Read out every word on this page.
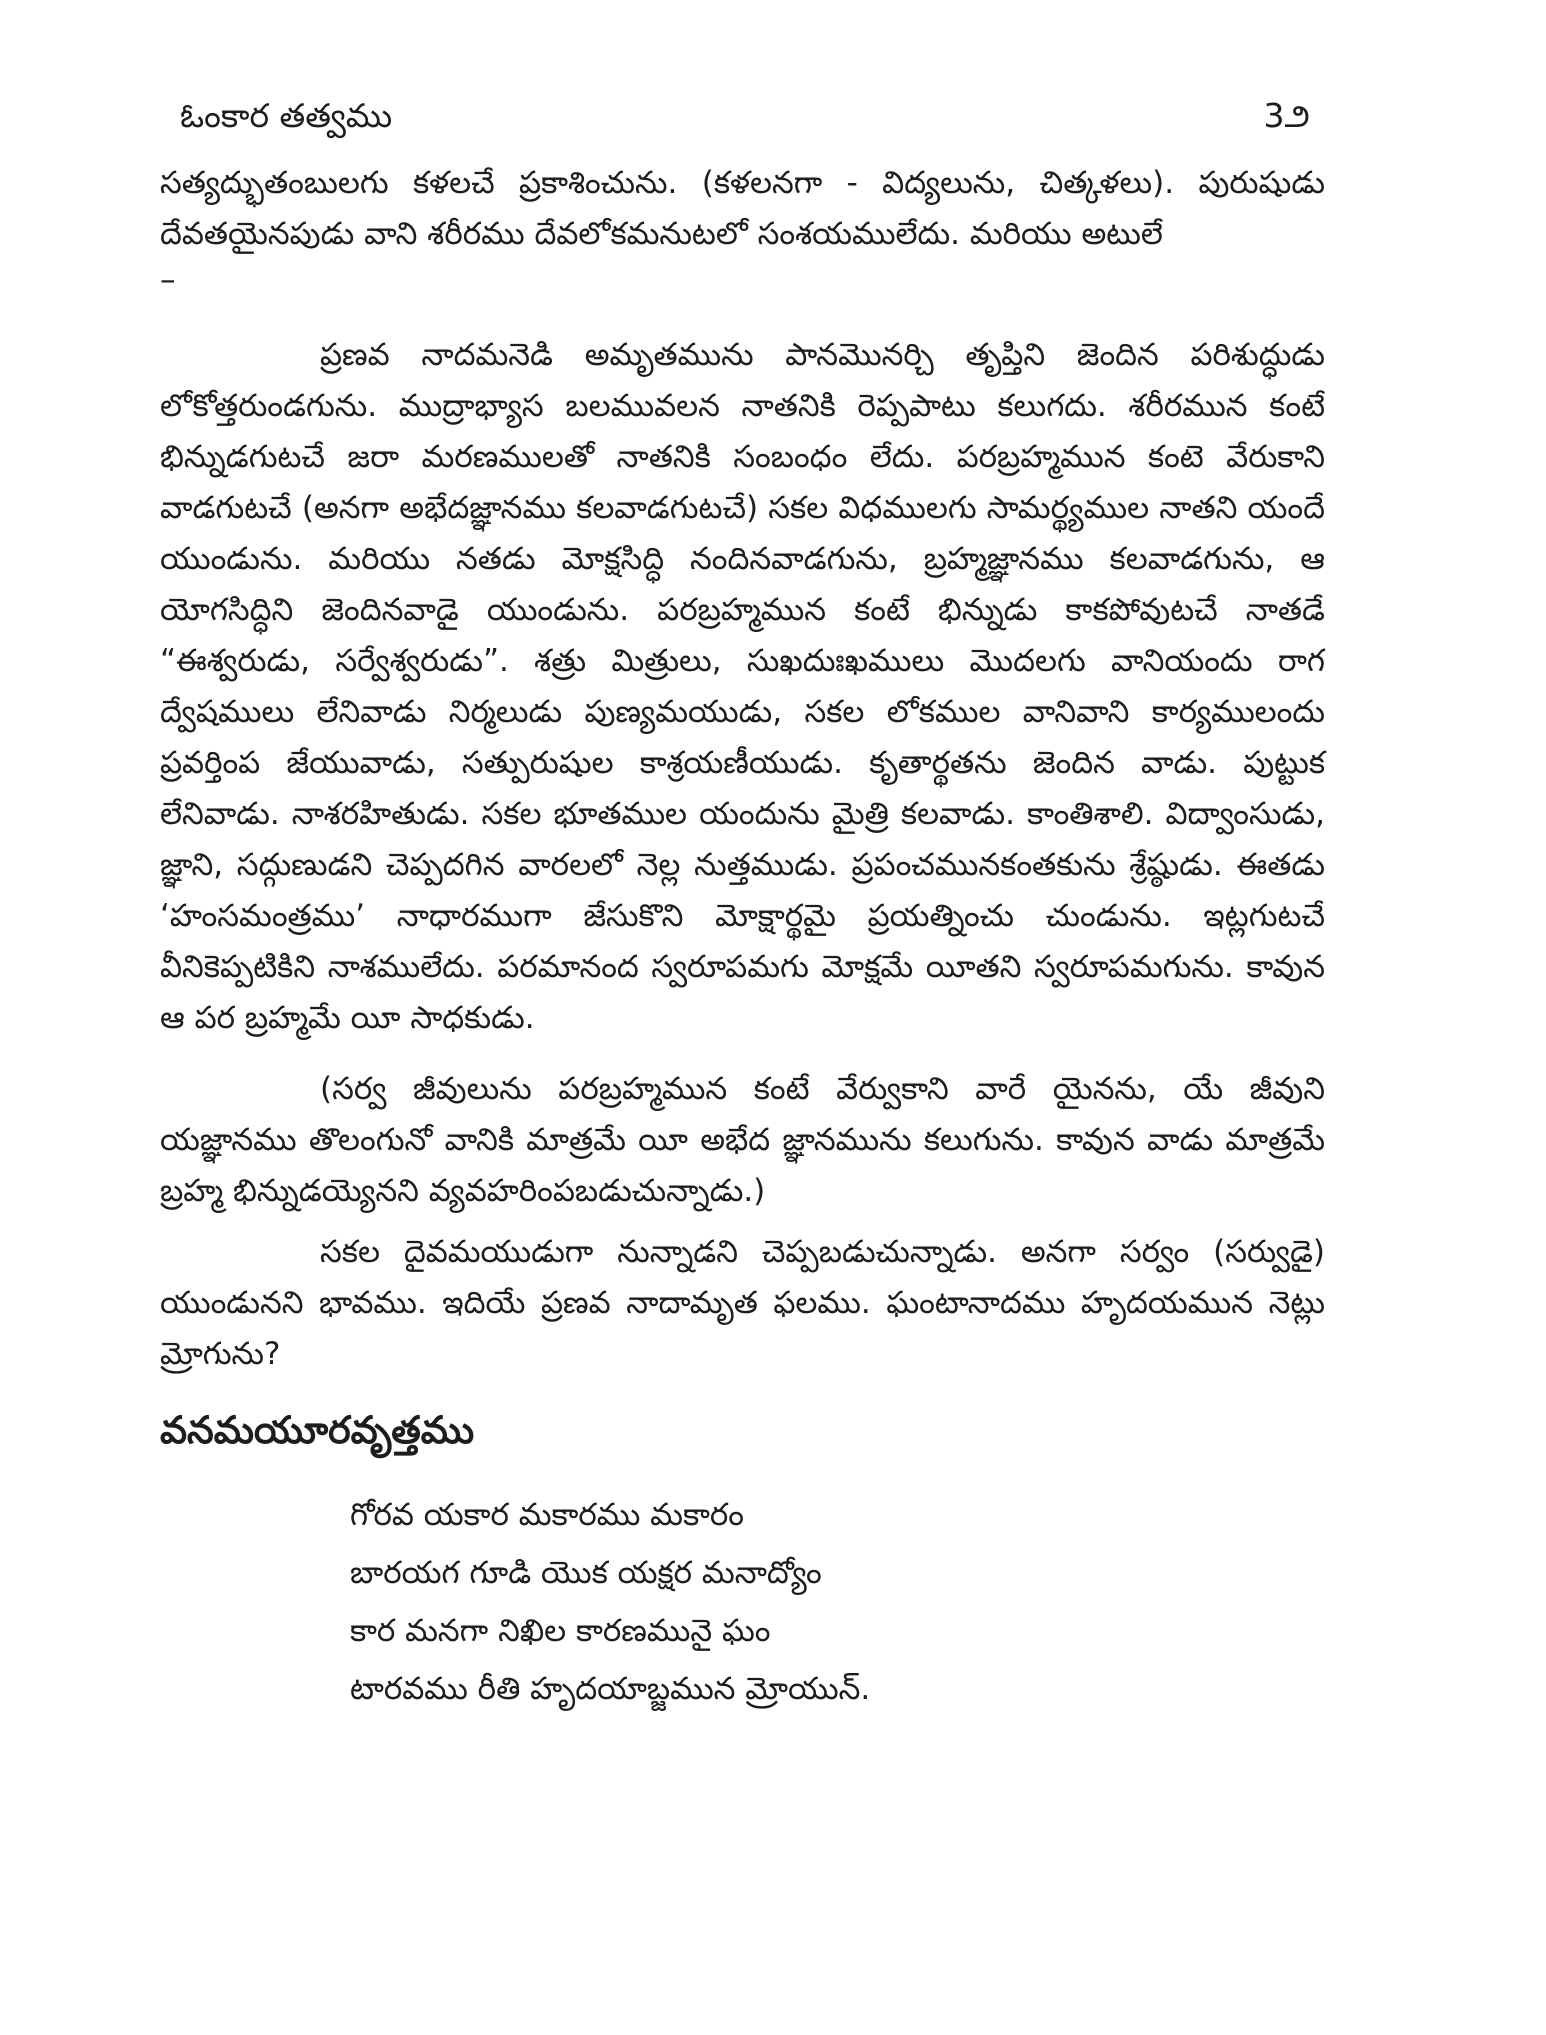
ఓంకార తత్వము	3౨

సత్యద్భుతంబులగు కళలచే ప్రకాశించును. (కళలనగా - విద్యలును, చిత్కళలు). పురుషుడు దేవతయైనపుడు వాని శరీరము దేవలోకమనుటలో సంశయములేదు. మరియు అటులే

–

ప్రణవ నాదమనెడి అమృతమును పానమొనర్చి తృప్తిని జెందిన పరిశుద్ధుడు లోకోత్తరుండగును. ముద్రాభ్యాస బలమువలన నాతనికి రెప్పపాటు కలుగదు. శరీరమున కంటే భిన్నుడగుటచే జరా మరణములతో నాతనికి సంబంధం లేదు. పరబ్రహ్మమున కంటె వేరుకాని వాడగుటచే (అనగా అభేదజ్ఞానము కలవాడగుటచే) సకల విధములగు సామర్థ్యముల నాతని యందే యుండును. మరియు నతడు మోక్షసిద్ధి నందినవాడగును, బ్రహ్మజ్ఞానము కలవాడగును, ఆ యోగసిద్ధిని జెందినవాడై యుండును. పరబ్రహ్మమున కంటే భిన్నుడు కాకపోవుటచే నాతడే “ఈశ్వరుడు, సర్వేశ్వరుడు”. శత్రు మిత్రులు, సుఖదుఃఖములు మొదలగు వానియందు రాగ ద్వేషములు లేనివాడు నిర్మలుడు పుణ్యమయుడు, సకల లోకముల వానివాని కార్యములందు ప్రవర్తింప జేయువాడు, సత్పురుషుల కాశ్రయణీయుడు. కృతార్థతను జెందిన వాడు. పుట్టుక లేనివాడు. నాశరహితుడు. సకల భూతముల యందును మైత్రి కలవాడు. కాంతిశాలి. విద్వాంసుడు, జ్ఞాని, సద్గుణుడని చెప్పదగిన వారలలో నెల్ల నుత్తముడు. ప్రపంచమునకంతకును శ్రేష్ఠుడు. ఈతడు ‘హంసమంత్రము’ నాధారముగా జేసుకొని మోక్షార్థమై ప్రయత్నించు చుండును. ఇట్లగుటచే వీనికెప్పటికిని నాశములేదు. పరమానంద స్వరూపమగు మోక్షమే యీతని స్వరూపమగును. కావున ఆ పర బ్రహ్మమే యీ సాధకుడు.

(సర్వ జీవులును పరబ్రహ్మమున కంటే వేర్వుకాని వారే యైనను, యే జీవుని యజ్ఞానము తొలంగునో వానికి మాత్రమే యీ అభేద జ్ఞానమును కలుగును. కావున వాడు మాత్రమే బ్రహ్మ భిన్నుడయ్యెనని వ్యవహరింపబడుచున్నాడు.)

సకల దైవమయుడుగా నున్నాడని చెప్పబడుచున్నాడు. అనగా సర్వం (సర్వుడై) యుండునని భావము. ఇదియే ప్రణవ నాదామృత ఫలము. ఘంటానాదము హృదయమున నెట్లు మ్రోగును?

వనమయూరవృత్తము
గోరవ యకార మకారము మకారం
బారయగ గూడి యొక యక్షర మనాద్యోం
కార మనగా నిఖిల కారణమునై ఘం
టారవము రీతి హృదయాబ్జమున మ్రోయున్.
